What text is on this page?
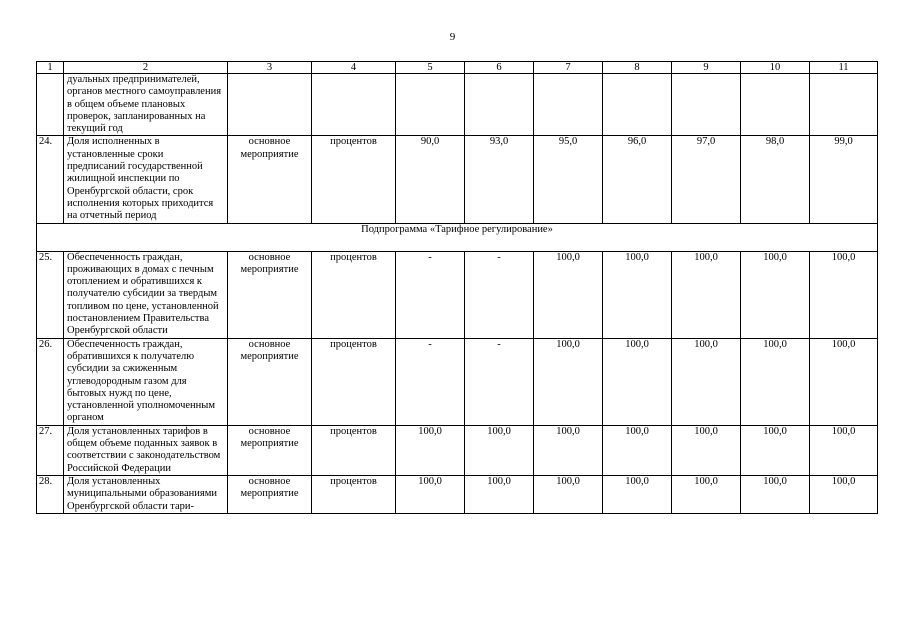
9
1	2	3	4	5	6	7	8	9	10	11
	дуальных предпринимателей, органов местного самоуправления в общем объеме плановых проверок, запланированных на текущий год									
24.	Доля исполненных в установленные сроки предписаний государственной жилищной инспекции по Оренбургской области, срок исполнения которых приходится на отчетный период	основное мероприятие	процентов	90,0	93,0	95,0	96,0	97,0	98,0	99,0
Подпрограмма «Тарифное регулирование»										
25.	Обеспеченность граждан, проживающих в домах с печным отоплением и обратившихся к получателю субсидии за твердым топливом по цене, установленной постановлением Правительства Оренбургской области	основное мероприятие	процентов	-	-	100,0	100,0	100,0	100,0	100,0
26.	Обеспеченность граждан, обратившихся к получателю субсидии за сжиженным углеводородным газом для бытовых нужд по цене, установленной уполномоченным органом	основное мероприятие	процентов	-	-	100,0	100,0	100,0	100,0	100,0
27.	Доля установленных тарифов в общем объеме поданных заявок в соответствии с законодательством Российской Федерации	основное мероприятие	процентов	100,0	100,0	100,0	100,0	100,0	100,0	100,0
28.	Доля установленных муниципальными образованиями Оренбургской области тари-	основное мероприятие	процентов	100,0	100,0	100,0	100,0	100,0	100,0	100,0
